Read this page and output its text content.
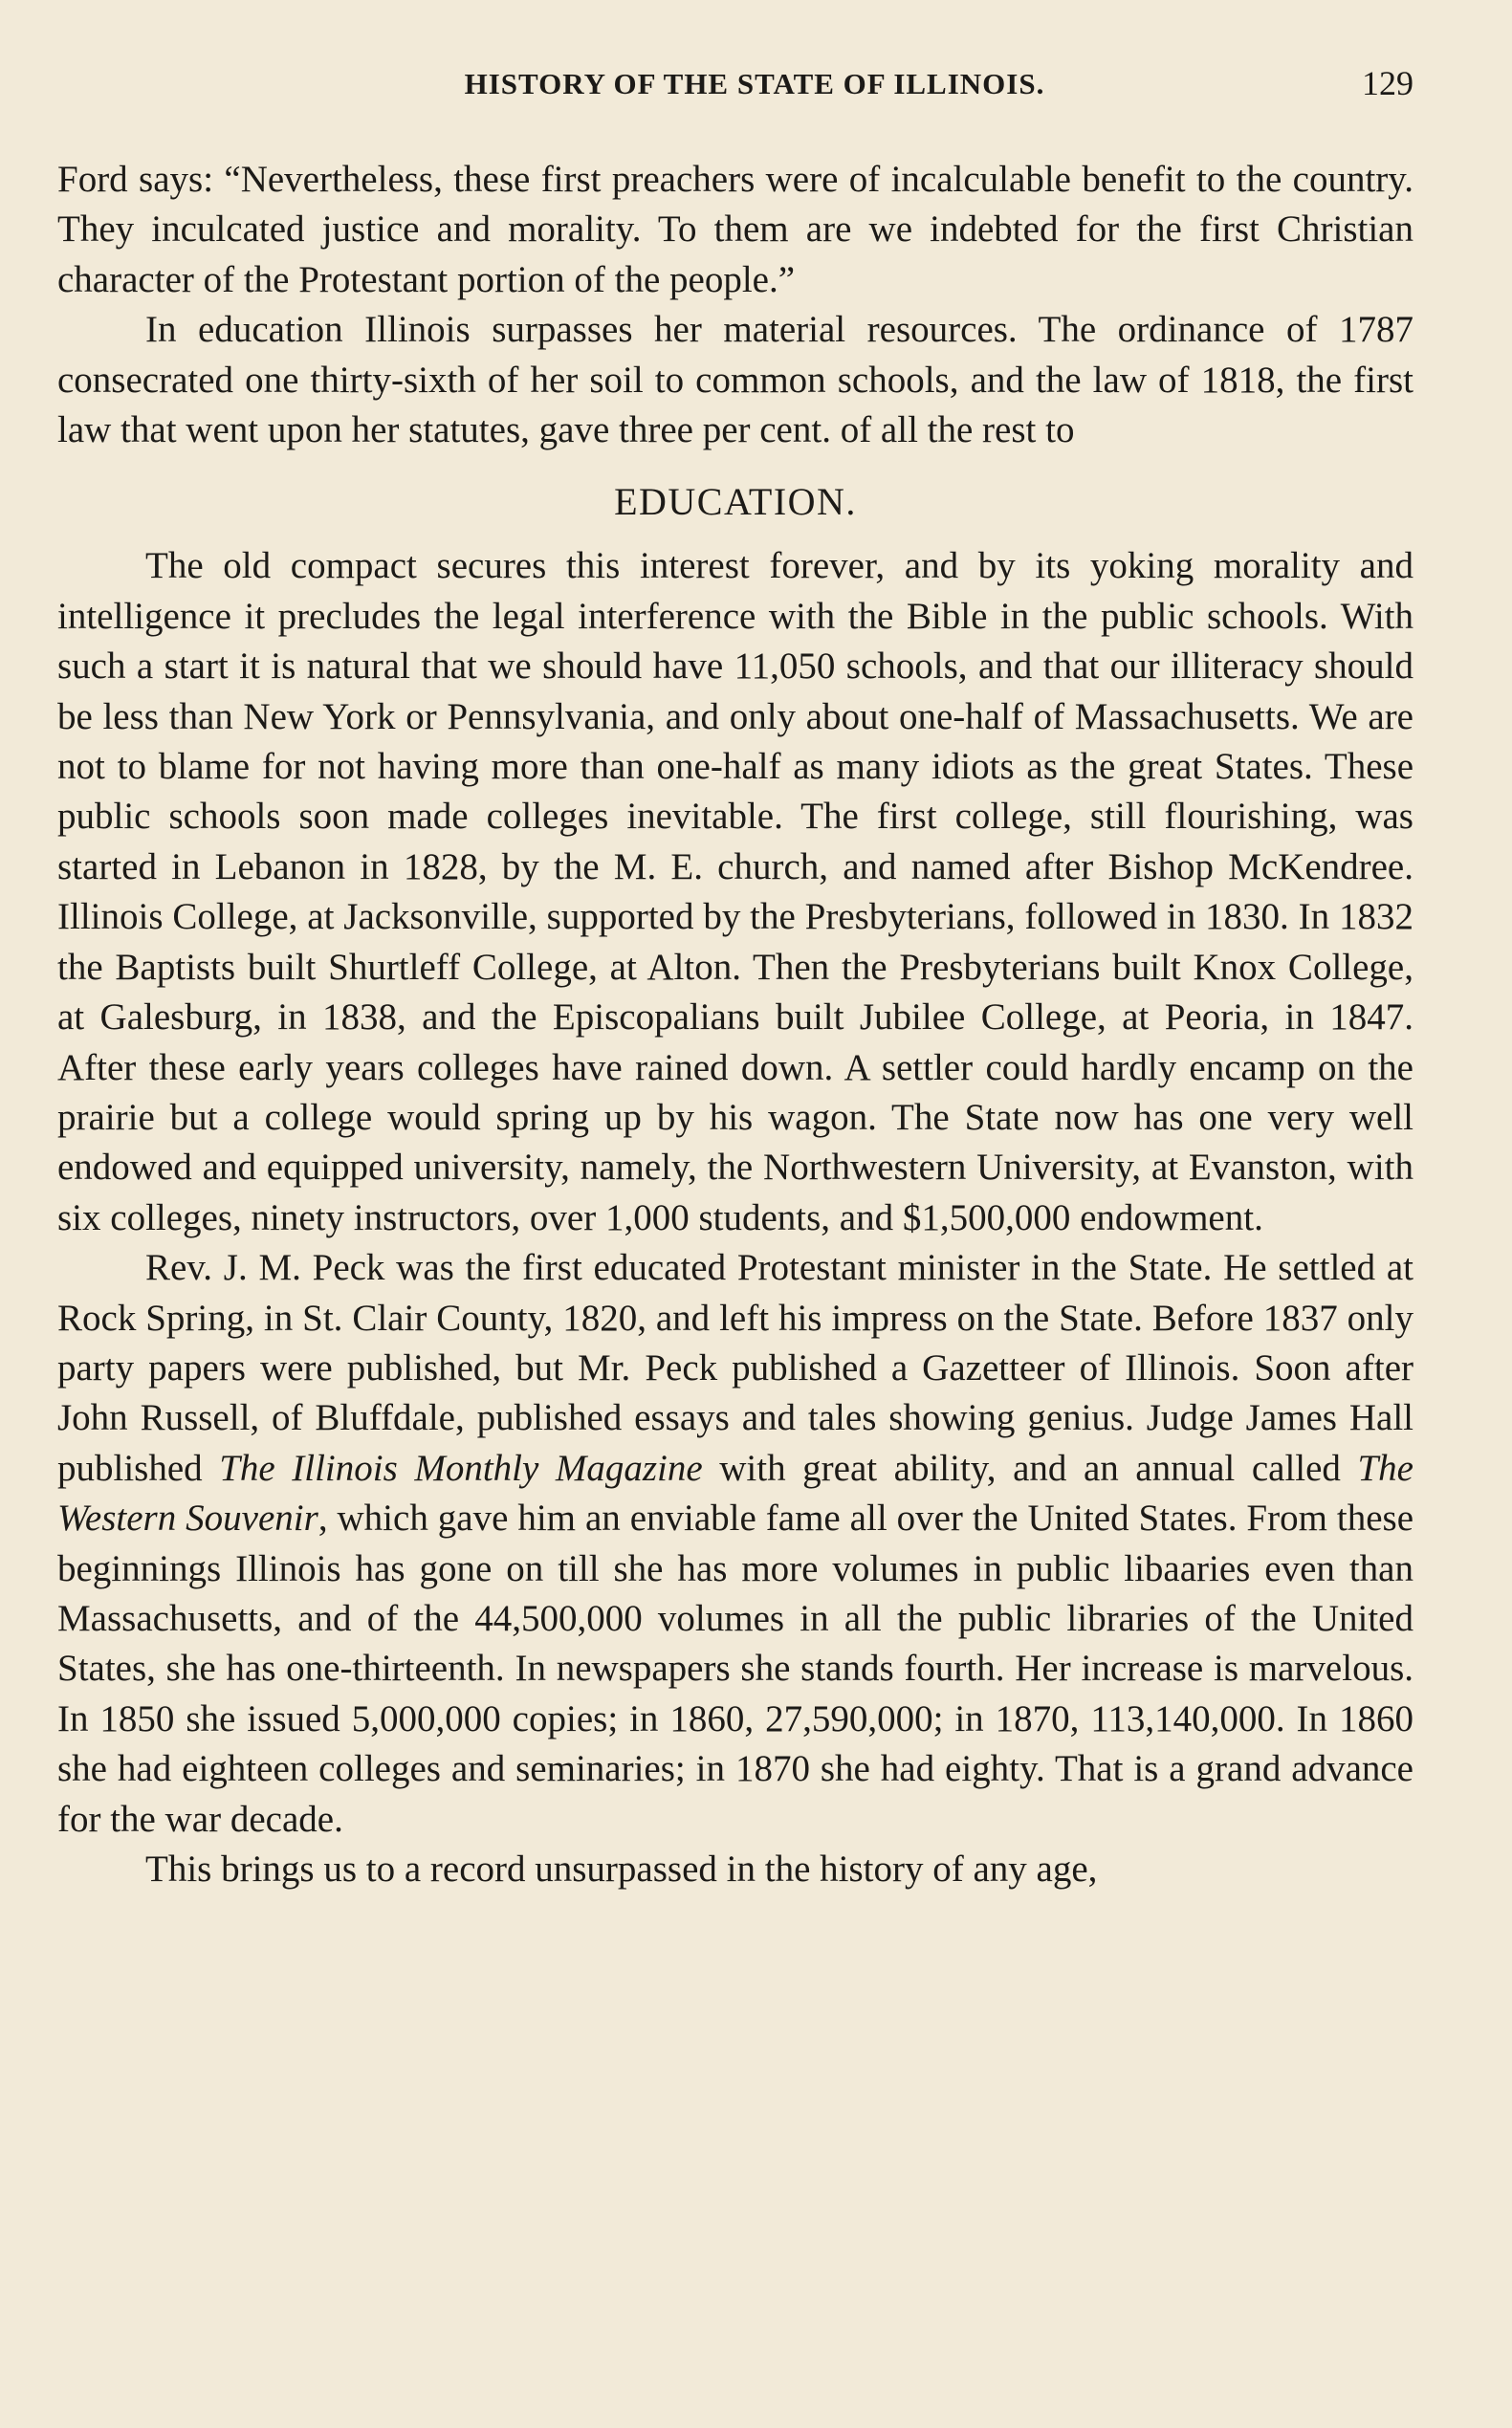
HISTORY OF THE STATE OF ILLINOIS.	129

Ford says: “Nevertheless, these first preachers were of incalculable benefit to the country. They inculcated justice and morality. To them are we indebted for the first Christian character of the Protestant portion of the people.”

In education Illinois surpasses her material resources. The ordinance of 1787 consecrated one thirty-sixth of her soil to common schools, and the law of 1818, the first law that went upon her statutes, gave three per cent. of all the rest to

EDUCATION.

The old compact secures this interest forever, and by its yoking morality and intelligence it precludes the legal interference with the Bible in the public schools. With such a start it is natural that we should have 11,050 schools, and that our illiteracy should be less than New York or Pennsylvania, and only about one-half of Massachusetts. We are not to blame for not having more than one-half as many idiots as the great States. These public schools soon made colleges inevitable. The first college, still flourishing, was started in Lebanon in 1828, by the M. E. church, and named after Bishop McKendree. Illinois College, at Jacksonville, supported by the Presbyterians, followed in 1830. In 1832 the Baptists built Shurtleff College, at Alton. Then the Presbyterians built Knox College, at Galesburg, in 1838, and the Episcopalians built Jubilee College, at Peoria, in 1847. After these early years colleges have rained down. A settler could hardly encamp on the prairie but a college would spring up by his wagon. The State now has one very well endowed and equipped university, namely, the Northwestern University, at Evanston, with six colleges, ninety instructors, over 1,000 students, and $1,500,000 endowment.

Rev. J. M. Peck was the first educated Protestant minister in the State. He settled at Rock Spring, in St. Clair County, 1820, and left his impress on the State. Before 1837 only party papers were published, but Mr. Peck published a Gazetteer of Illinois. Soon after John Russell, of Bluffdale, published essays and tales showing genius. Judge James Hall published The Illinois Monthly Magazine with great ability, and an annual called The Western Souvenir, which gave him an enviable fame all over the United States. From these beginnings Illinois has gone on till she has more volumes in public libaaries even than Massachusetts, and of the 44,500,000 volumes in all the public libraries of the United States, she has one-thirteenth. In newspapers she stands fourth. Her increase is marvelous. In 1850 she issued 5,000,000 copies; in 1860, 27,590,000; in 1870, 113,140,000. In 1860 she had eighteen colleges and seminaries; in 1870 she had eighty. That is a grand advance for the war decade.

This brings us to a record unsurpassed in the history of any age,
